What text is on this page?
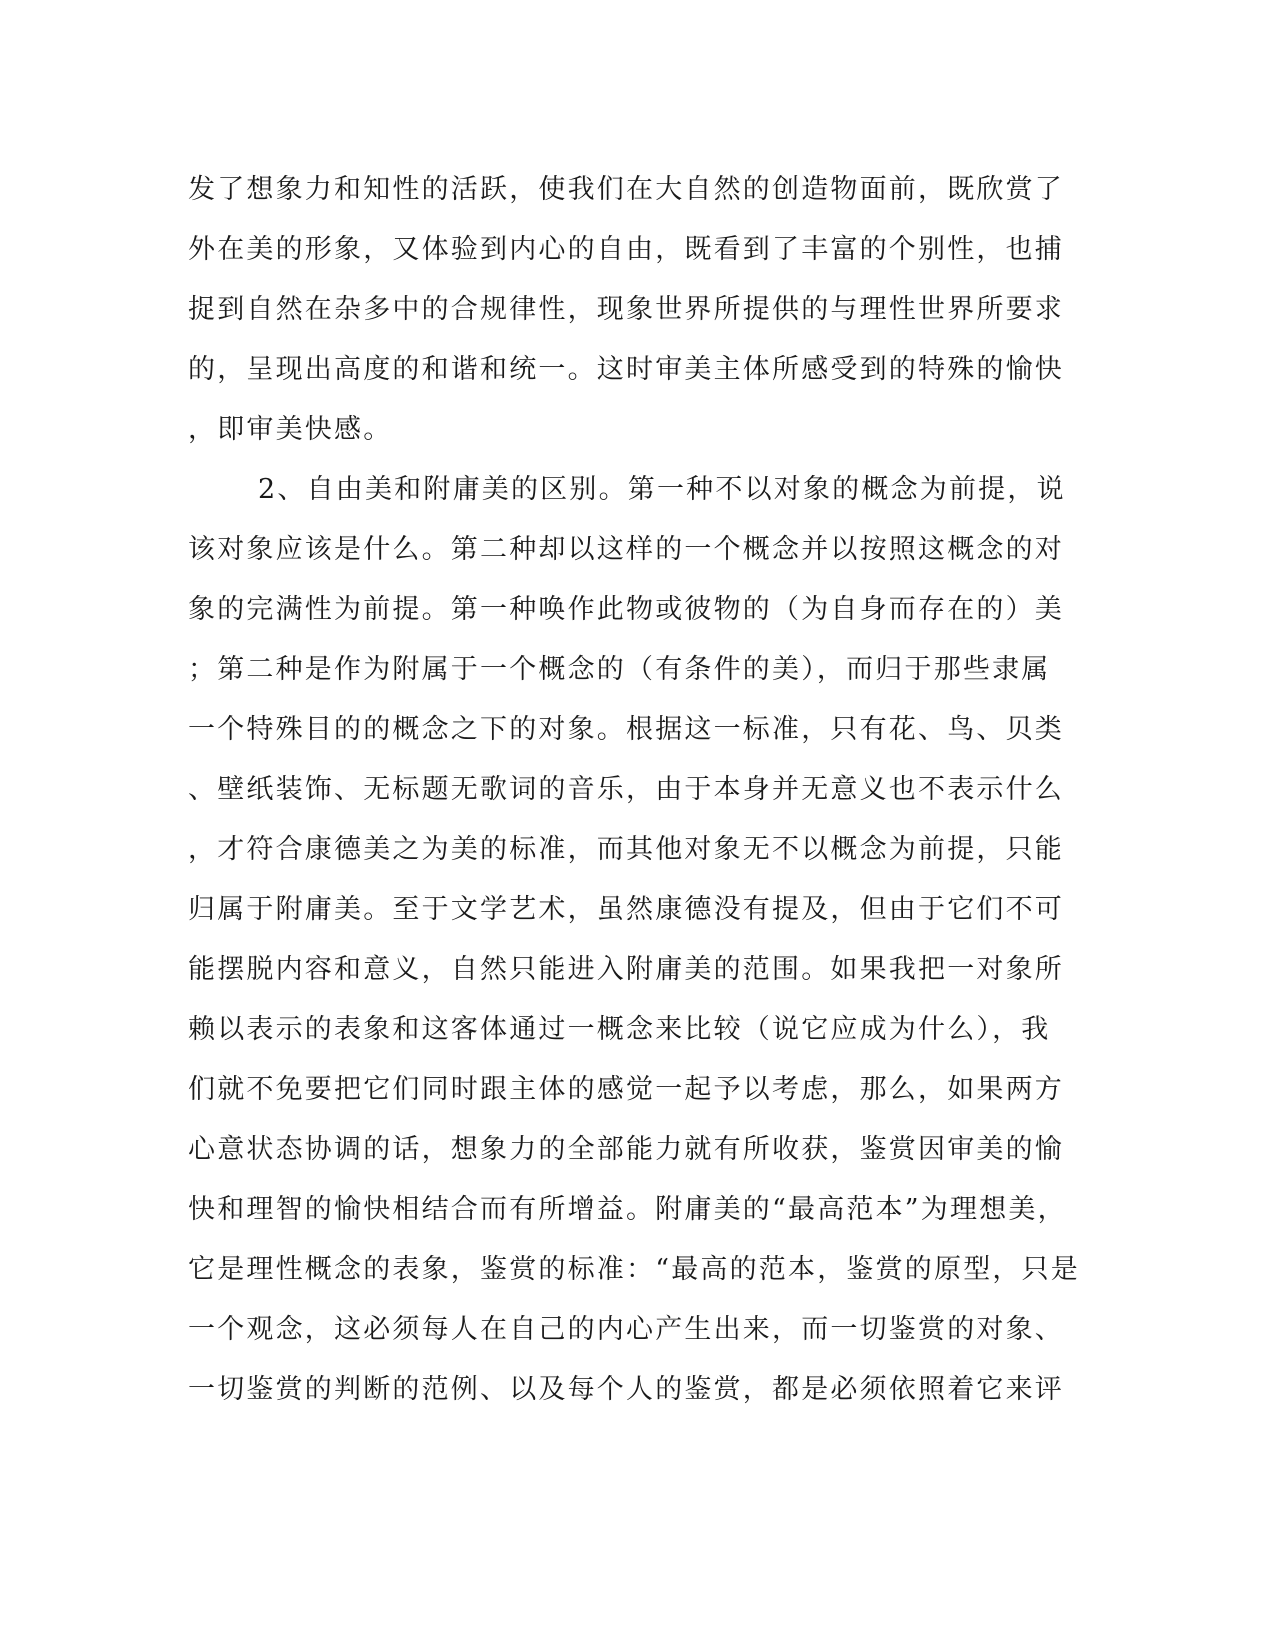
发了想象力和知性的活跃，使我们在大自然的创造物面前，既欣赏了
外在美的形象，又体验到内心的自由，既看到了丰富的个别性，也捕
捉到自然在杂多中的合规律性，现象世界所提供的与理性世界所要求
的，呈现出高度的和谐和统一。这时审美主体所感受到的特殊的愉快
，即审美快感。
2、自由美和附庸美的区别。第一种不以对象的概念为前提，说
该对象应该是什么。第二种却以这样的一个概念并以按照这概念的对
象的完满性为前提。第一种唤作此物或彼物的（为自身而存在的）美
；第二种是作为附属于一个概念的（有条件的美），而归于那些隶属
一个特殊目的的概念之下的对象。根据这一标准，只有花、鸟、贝类
、壁纸装饰、无标题无歌词的音乐，由于本身并无意义也不表示什么
，才符合康德美之为美的标准，而其他对象无不以概念为前提，只能
归属于附庸美。至于文学艺术，虽然康德没有提及，但由于它们不可
能摆脱内容和意义，自然只能进入附庸美的范围。如果我把一对象所
赖以表示的表象和这客体通过一概念来比较（说它应成为什么），我
们就不免要把它们同时跟主体的感觉一起予以考虑，那么，如果两方
心意状态协调的话，想象力的全部能力就有所收获，鉴赏因审美的愉
快和理智的愉快相结合而有所增益。附庸美的“最高范本”为理想美，
它是理性概念的表象，鉴赏的标准：“最高的范本，鉴赏的原型，只是
一个观念，这必须每人在自己的内心产生出来，而一切鉴赏的对象、
一切鉴赏的判断的范例、以及每个人的鉴赏，都是必须依照着它来评
